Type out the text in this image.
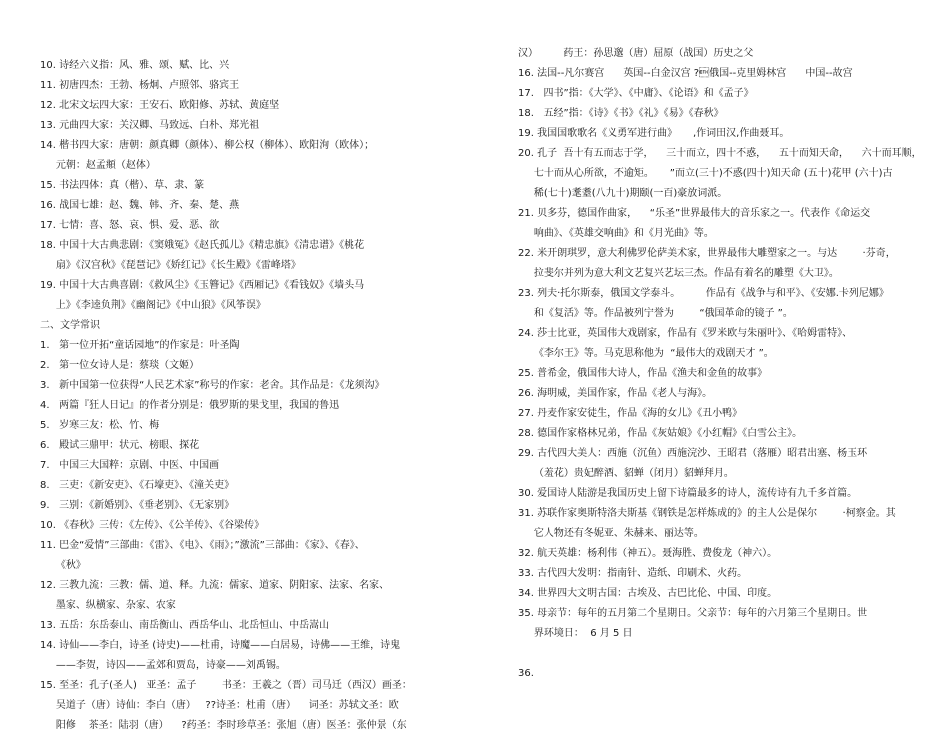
10. 诗经六义指：风、雅、颂、赋、比、兴
11. 初唐四杰：王勃、杨炯、卢照邻、骆宾王
12. 北宋文坛四大家：王安石、欧阳修、苏轼、黄庭坚
13. 元曲四大家：关汉卿、马致远、白朴、郑光祖
14. 楷书四大家：唐朝：颜真卿（颜体）、柳公权（柳体）、欧阳洵（欧体）；
元朝：赵孟頫（赵体）
15. 书法四体：真（楷）、草、隶、篆
16. 战国七雄：赵、魏、韩、齐、秦、楚、燕
17. 七情：喜、怒、哀、惧、爱、恶、欲
18. 中国十大古典悲剧：《窦娥冤》《赵氏孤儿》《精忠旗》《清忠谱》《桃花
扇》《汉宫秋》《琵琶记》《娇红记》《长生殿》《雷峰塔》
19. 中国十大古典喜剧：《救风尘》《玉簪记》《西厢记》《看钱奴》《墙头马
上》《李逵负荆》《幽阁记》《中山狼》《风筝误》
二、文学常识
1.   第一位开拓“童话园地”的作家是：叶圣陶
2.   第一位女诗人是：蔡琰（文姬）
3.   新中国第一位获得“人民艺术家”称号的作家：老舍。其作品是：《龙须沟》
4.   两篇『狂人日记』的作者分别是：俄罗斯的果戈里，我国的鲁迅
5.   岁寒三友：松、竹、梅
6.   殿试三鼎甲：状元、榜眼、探花
7.   中国三大国粹：京剧、中医、中国画
8.   三吏：《新安吏》、《石壕吏》、《潼关吏》
9.   三别：《新婚别》、《垂老别》、《无家别》
10. 《春秋》三传：《左传》、《公羊传》、《谷梁传》
11. 巴金“爱情”三部曲：《雷》、《电》、《雨》；”激流”三部曲：《家》、《春》、
《秋》
12. 三教九流：三教：儒、道、释。九流：儒家、道家、阴阳家、法家、名家、
墨家、纵横家、杂家、农家
13. 五岳：东岳泰山、南岳衡山、西岳华山、北岳恒山、中岳嵩山
14. 诗仙——李白，诗圣 (诗史)——杜甫，诗魔——白居易，诗佛——王维，诗鬼
——李贺，诗囚——孟郊和贾岛，诗豪——刘禹锡。
15. 至圣：孔子(圣人)   亚圣：孟子        书圣：王羲之（晋）司马迁（西汉）画圣：
吴道子（唐）诗仙：李白（唐）   ??诗圣：杜甫（唐）    词圣：苏轼文圣：欧
阳修    茶圣：陆羽（唐）    ?药圣：李时珍草圣：张旭（唐）医圣：张仲景（东
汉）        药王：孙思邈（唐）屈原（战国）历史之父
16. 法国--凡尔赛宫      英国--白金汉宫 ?俄国--克里姆林宫      中国--故宫
17.   四书”指：《大学》、《中庸》、《论语》和《孟子》
18.   五经”指：《诗》《书》《礼》《易》《春秋》
19. 我国国歌歌名《义勇军进行曲》     ,作词田汉,作曲聂耳。
20. 孔子  吾十有五而志于学，    三十而立，四十不惑，    五十而知天命，    六十而耳顺，
七十而从心所欲，不逾矩。     ”而立(三十)不惑(四十)知天命 (五十)花甲 (六十)古
稀(七十)耄耋(八九十)期颐(一百)豪放词派。
21. 贝多芬，德国作曲家，    “乐圣”世界最伟大的音乐家之一。代表作《命运交
响曲》、《英雄交响曲》和《月光曲》等。
22. 米开朗琪罗，意大利佛罗伦萨美术家，世界最伟大雕塑家之一。与达        ·芬奇，
拉斐尔并列为意大利文艺复兴艺坛三杰。作品有着名的雕塑《大卫》。
23. 列夫·托尔斯泰，俄国文学泰斗。        作品有《战争与和平》、《安娜.卡列尼娜》
和《复活》等。作品被列宁誉为        “俄国革命的镜子 ”。
24. 莎士比亚，英国伟大戏剧家，作品有《罗米欧与朱丽叶》、《哈姆雷特》、
《李尔王》等。马克思称他为  “最伟大的戏剧天才 ”。
25. 普希金，俄国伟大诗人，作品《渔夫和金鱼的故事》
26. 海明威，美国作家，作品《老人与海》。
27. 丹麦作家安徒生，作品《海的女儿》《丑小鸭》
28. 德国作家格林兄弟，作品《灰姑娘》《小红帽》《白雪公主》。
29. 古代四大美人：西施（沉鱼）西施浣沙、王昭君（落雁）昭君出塞、杨玉环
（羞花）贵妃醉酒、貂蝉（闭月）貂蝉拜月。
30. 爱国诗人陆游是我国历史上留下诗篇最多的诗人，流传诗有九千多首篇。
31. 苏联作家奥斯特洛夫斯基《钢铁是怎样炼成的》的主人公是保尔        ·柯察金。其
它人物还有冬妮亚、朱赫来、丽达等。
32. 航天英雄：杨利伟（神五）。聂海胜、费俊龙（神六）。
33. 古代四大发明：指南针、造纸、印刷术、火药。
34. 世界四大文明古国：古埃及、古巴比伦、中国、印度。
35. 母亲节：每年的五月第二个星期日。父亲节：每年的六月第三个星期日。世
界环境日：  6 月 5 日
36.
